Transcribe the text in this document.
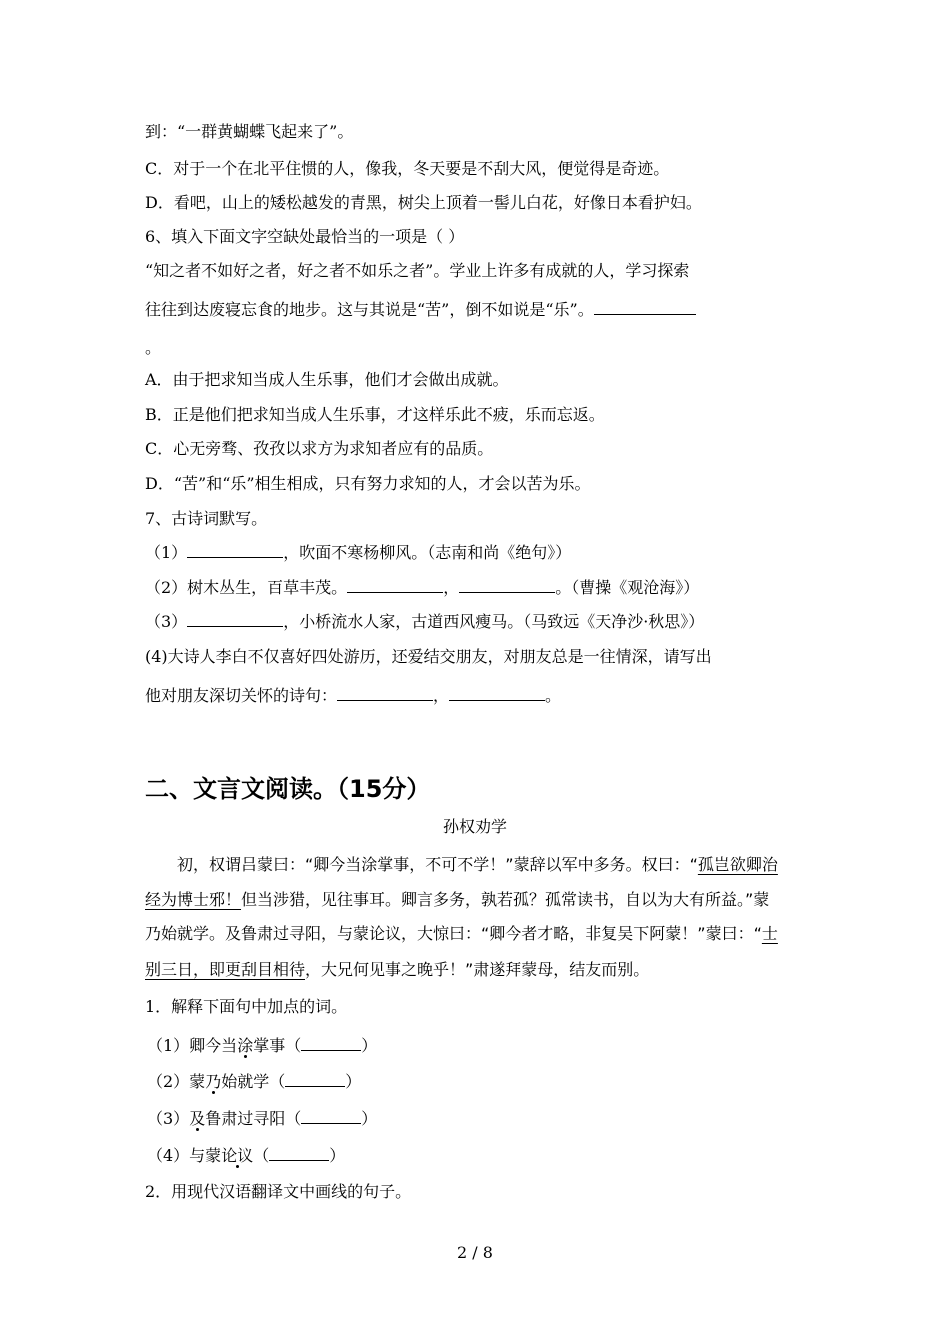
到：“一群黄蝴蝶飞起来了”。
C．对于一个在北平住惯的人，像我，冬天要是不刮大风，便觉得是奇迹。
D．看吧，山上的矮松越发的青黑，树尖上顶着一髻儿白花，好像日本看护妇。
6、填入下面文字空缺处最恰当的一项是（ ）
“知之者不如好之者，好之者不如乐之者”。学业上许多有成就的人，学习探索
往往到达废寝忘食的地步。这与其说是“苦”，倒不如说是“乐”。
。
A．由于把求知当成人生乐事，他们才会做出成就。
B．正是他们把求知当成人生乐事，才这样乐此不疲，乐而忘返。
C．心无旁骛、孜孜以求方为求知者应有的品质。
D．“苦”和“乐”相生相成，只有努力求知的人，才会以苦为乐。
7、古诗词默写。
（1）	，吹面不寒杨柳风。（志南和尚《绝句》）
（2）树木丛生，百草丰茂。	，	。（曹操《观沧海》）
（3）	，小桥流水人家，古道西风瘦马。（马致远《天净沙·秋思》）
(4)大诗人李白不仅喜好四处游历，还爱结交朋友，对朋友总是一往情深，请写出
他对朋友深切关怀的诗句：	，	。
二、文言文阅读。（15分）
孙权劝学
初，权谓吕蒙曰：“卿今当涂掌事，不可不学！”蒙辞以军中多务。权曰：“孤岂欲卿治
经为博士邪！但当涉猎，见往事耳。卿言多务，孰若孤？孤常读书，自以为大有所益。”蒙
乃始就学。及鲁肃过寻阳，与蒙论议，大惊曰：“卿今者才略，非复吴下阿蒙！”蒙曰：“士
别三日，即更刮目相待，大兄何见事之晚乎！”肃遂拜蒙母，结友而别。
1．解释下面句中加点的词。
（1）卿今当涂掌事（	）
（2）蒙乃始就学（	）
（3）及鲁肃过寻阳（	）
（4）与蒙论议（	）
2．用现代汉语翻译文中画线的句子。
2 / 8
